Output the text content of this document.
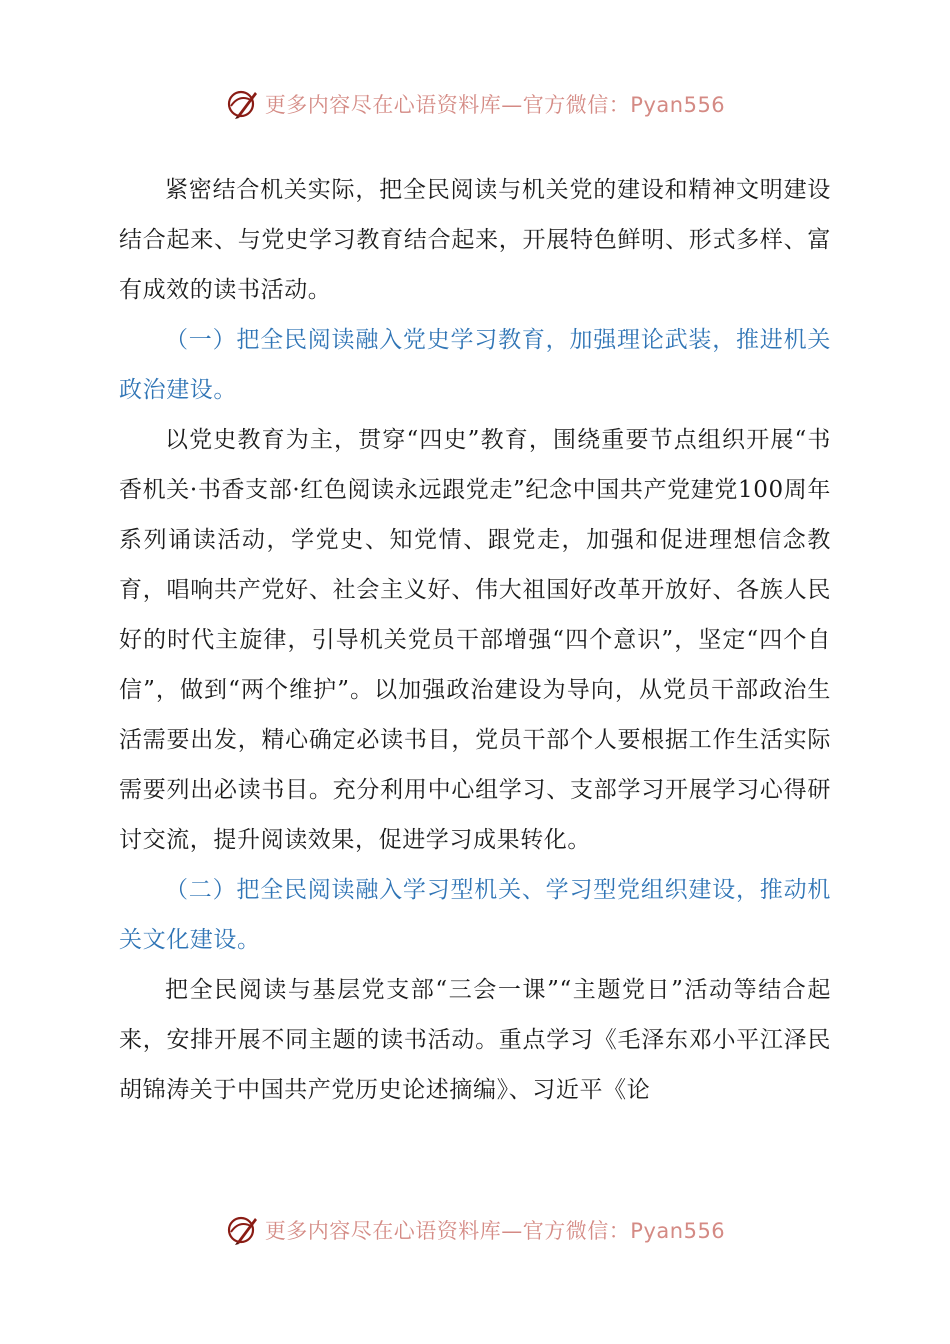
更多内容尽在心语资料库—官方微信：Pyan556

紧密结合机关实际，把全民阅读与机关党的建设和精神文明建设结合起来、与党史学习教育结合起来，开展特色鲜明、形式多样、富有成效的读书活动。

（一）把全民阅读融入党史学习教育，加强理论武装，推进机关政治建设。

以党史教育为主，贯穿“四史”教育，围绕重要节点组织开展“书香机关·书香支部·红色阅读永远跟党走”纪念中国共产党建党100周年系列诵读活动，学党史、知党情、跟党走，加强和促进理想信念教育，唱响共产党好、社会主义好、伟大祖国好改革开放好、各族人民好的时代主旋律，引导机关党员干部增强“四个意识”，坚定“四个自信”，做到“两个维护”。以加强政治建设为导向，从党员干部政治生活需要出发，精心确定必读书目，党员干部个人要根据工作生活实际需要列出必读书目。充分利用中心组学习、支部学习开展学习心得研讨交流，提升阅读效果，促进学习成果转化。

（二）把全民阅读融入学习型机关、学习型党组织建设，推动机关文化建设。

把全民阅读与基层党支部“三会一课”“主题党日”活动等结合起来，安排开展不同主题的读书活动。重点学习《毛泽东邓小平江泽民胡锦涛关于中国共产党历史论述摘编》、习近平《论

更多内容尽在心语资料库—官方微信：Pyan556
